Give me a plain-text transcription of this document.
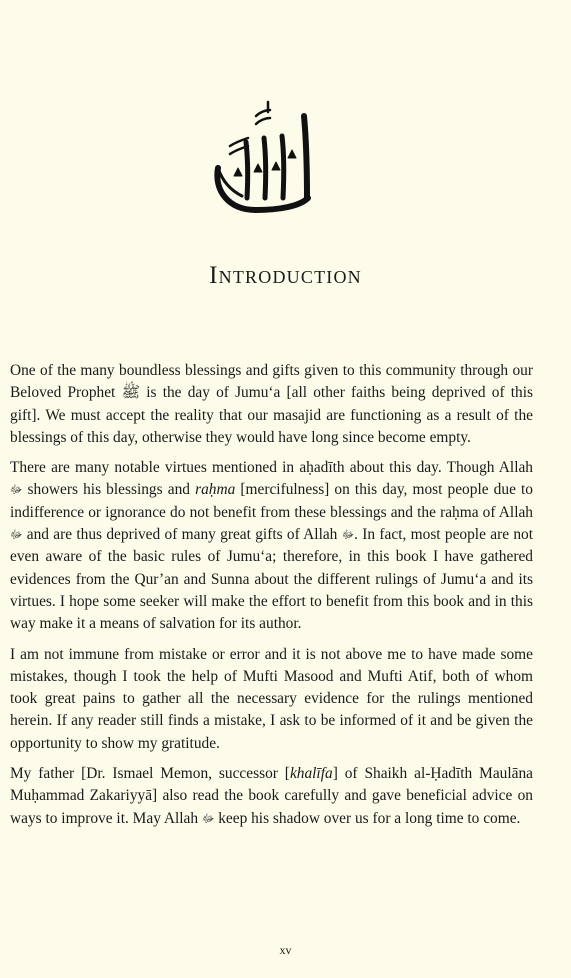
Introduction

One of the many boundless blessings and gifts given to this community through our Beloved Prophet ﷺ is the day of Jumu‘a [all other faiths being deprived of this gift]. We must accept the reality that our masajid are functioning as a result of the blessings of this day, otherwise they would have long since become empty.

There are many notable virtues mentioned in aḥadīth about this day. Though Allah ﷻ showers his blessings and raḥma [mercifulness] on this day, most people due to indifference or ignorance do not benefit from these blessings and the raḥma of Allah ﷻ and are thus deprived of many great gifts of Allah ﷻ. In fact, most people are not even aware of the basic rules of Jumu‘a; therefore, in this book I have gathered evidences from the Qur’an and Sunna about the different rulings of Jumu‘a and its virtues. I hope some seeker will make the effort to benefit from this book and in this way make it a means of salvation for its author.

I am not immune from mistake or error and it is not above me to have made some mistakes, though I took the help of Mufti Masood and Mufti Atif, both of whom took great pains to gather all the necessary evidence for the rulings mentioned herein. If any reader still finds a mistake, I ask to be informed of it and be given the opportunity to show my gratitude.

My father [Dr. Ismael Memon, successor [khalīfa] of Shaikh al-Ḥadīth Maulāna Muḥammad Zakariyyā] also read the book carefully and gave beneficial advice on ways to improve it. May Allah ﷻ keep his shadow over us for a long time to come.

xv
